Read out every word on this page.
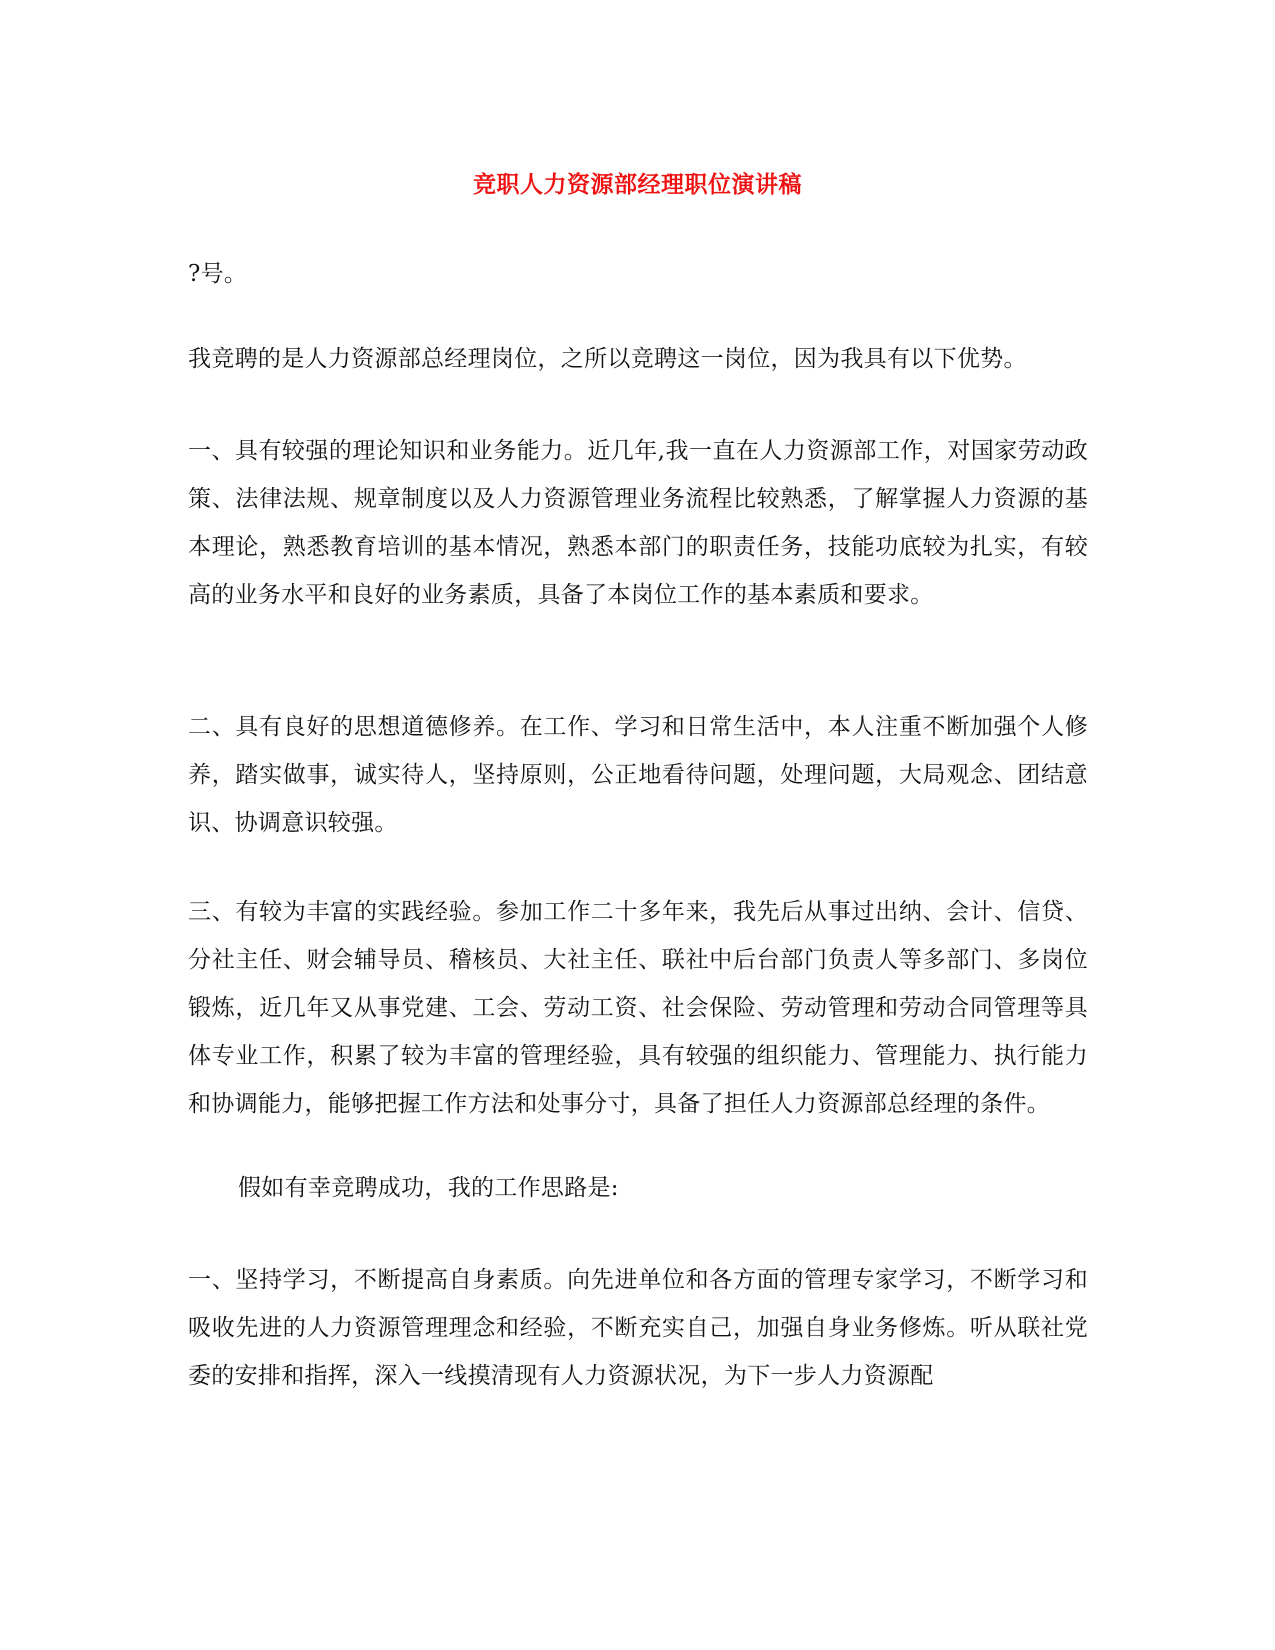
竞职人力资源部经理职位演讲稿

?号。

我竞聘的是人力资源部总经理岗位，之所以竞聘这一岗位，因为我具有以下优势。

一、具有较强的理论知识和业务能力。近几年,我一直在人力资源部工作，对国家劳动政策、法律法规、规章制度以及人力资源管理业务流程比较熟悉，了解掌握人力资源的基本理论，熟悉教育培训的基本情况，熟悉本部门的职责任务，技能功底较为扎实，有较高的业务水平和良好的业务素质，具备了本岗位工作的基本素质和要求。

二、具有良好的思想道德修养。在工作、学习和日常生活中，本人注重不断加强个人修养，踏实做事，诚实待人，坚持原则，公正地看待问题，处理问题，大局观念、团结意识、协调意识较强。

三、有较为丰富的实践经验。参加工作二十多年来，我先后从事过出纳、会计、信贷、分社主任、财会辅导员、稽核员、大社主任、联社中后台部门负责人等多部门、多岗位锻炼，近几年又从事党建、工会、劳动工资、社会保险、劳动管理和劳动合同管理等具体专业工作，积累了较为丰富的管理经验，具有较强的组织能力、管理能力、执行能力和协调能力，能够把握工作方法和处事分寸，具备了担任人力资源部总经理的条件。

假如有幸竞聘成功，我的工作思路是:

一、坚持学习，不断提高自身素质。向先进单位和各方面的管理专家学习，不断学习和吸收先进的人力资源管理理念和经验，不断充实自己，加强自身业务修炼。听从联社党委的安排和指挥，深入一线摸清现有人力资源状况，为下一步人力资源配
